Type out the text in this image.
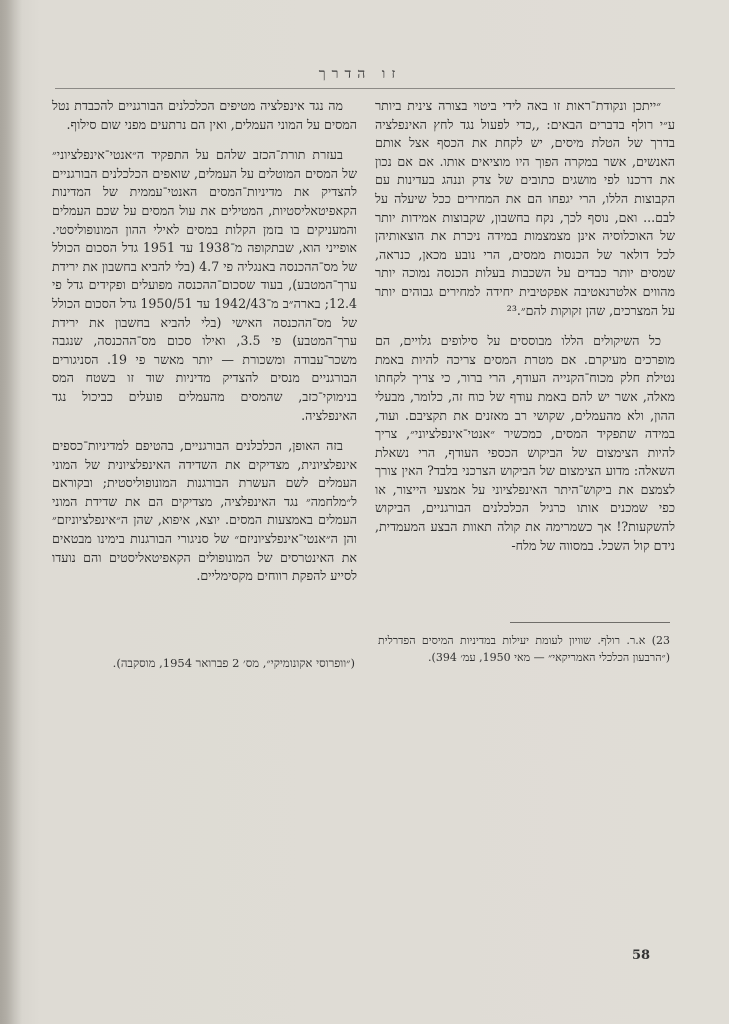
זו הדרך

״ייתכן ונקודת־ראות זו באה לידי ביטוי בצורה צינית ביותר ע״י רולף בדברים הבאים: ,,כדי לפעול נגד לחץ האינפלציה בדרך של הטלת מיסים, יש לקחת את הכסף אצל אותם האנשים, אשר במקרה הפוך היו מוציאים אותו. אם אם נכון את דרכנו לפי מושגים כתובים של צדק וננהג בעדינות עם הקבוצות הללו, הרי יגפחו הם את המחירים ככל שיעלה על לבם... ואם, נוסף לכך, נקח בחשבון, שקבוצות אמידות יותר של האוכלוסיה אינן מצמצמות במידה ניכרת את הוצאותיהן לכל דולאר של הכנסות ממסים, הרי נובע מכאן, כנראה, שמסים יותר כבדים על השכבות בעלות הכנסה נמוכה יותר מהווים אלטרנאטיבה אפקטיבית יחידה למחירים גבוהים יותר על המצרכים, שהן זקוקות להם״.²³

כל השיקולים הללו מבוססים על סילופים גלויים, הם מופרכים מעיקרם. אם מטרת המסים צריכה להיות באמת נטילת חלק מכוח־הקנייה העודף, הרי ברור, כי צריך לקחתו מאלה, אשר יש להם באמת עודף של כוח זה, כלומר, מבעלי ההון, ולא מהעמלים, שקושי רב מאזנים את תקציבם. ועוד, במידה שתפקיד המסים, כמכשיר ״אנטי־אינפלציוני״, צריך להיות הצימצום של הביקוש הכספי העודף, הרי נשאלת השאלה: מדוע הצימצום של הביקוש הצרכני בלבד? האין צורך לצמצם את ביקוש־היתר האינפלציוני על אמצעי הייצור, או כפי שמכנים אותו כרגיל הכלכלנים הבורגניים, הביקוש להשקעות?! אך כשמרימה את קולה תאוות הבצע המעמדית, נידם קול השכל. במסווה של מלח-

23) א.ר. רולף. שוויון לעומת יעילות במדיניות המיסים הפדרלית (״הרבעון הכלכלי האמריקאי״ — מאי 1950, עמ׳ 394).

מה נגד אינפלציה מטיפים הכלכלנים הבורגניים להכבדת נטל המסים על המוני העמלים, ואין הם נרתעים מפני שום סילוף.

בעזרת תורת־הכזב שלהם על התפקיד ה״אנטי־אינפלציוני״ של המסים המוטלים על העמלים, שואפים הכלכלנים הבורגניים להצדיק את מדיניות־המסים האנטי־עממית של המדינות הקאפיטאליסטיות, המטילים את עול המסים על שכם העמלים והמעניקים בו בזמן הקלות במסים לאילי ההון המונופוליסטי. אופייני הוא, שבתקופה מ־1938 עד 1951 גדל הסכום הכולל של מס־ההכנסה באנגליה פי 4.7 (בלי להביא בחשבון את ירידת ערך־המטבע), בעוד שסכום־ההכנסה מפועלים ופקידים גדל פי 12.4; בארה״ב מ־1942/43 עד 1950/51 גדל הסכום הכולל של מס־ההכנסה האישי (בלי להביא בחשבון את ירידת ערך־המטבע) פי 3.5, ואילו סכום מס־ההכנסה, שנגבה משכר־עבודה ומשכורת — יותר מאשר פי 19. הסניגורים הבורגניים מנסים להצדיק מדיניות שוד זו בשטח המס בנימוקי־כזב, שהמסים מהעמלים פועלים כביכול נגד האינפלציה.

בזה האופן, הכלכלנים הבורגניים, בהטיפם למדיניות־כספים אינפלציונית, מצדיקים את השדידה האינפלציונית של המוני העמלים לשם העשרת הבורגנות המונופוליסטית; ובקוראם ל״מלחמה״ נגד האינפלציה, מצדיקים הם את שדידת המוני העמלים באמצעות המסים. יוצא, איפוא, שהן ה״אינפלציוניזם״ והן ה״אנטי־אינפלציוניזם״ של סניגורי הבורגנות בימינו מבטאים את האינטרסים של המונופולים הקאפיטאליסטים והם נועדו לסייע להפקת רווחים מקסימליים.

(״וופרוסי אקונומיקי״, מס׳ 2 פברואר 1954, מוסקבה).
58
